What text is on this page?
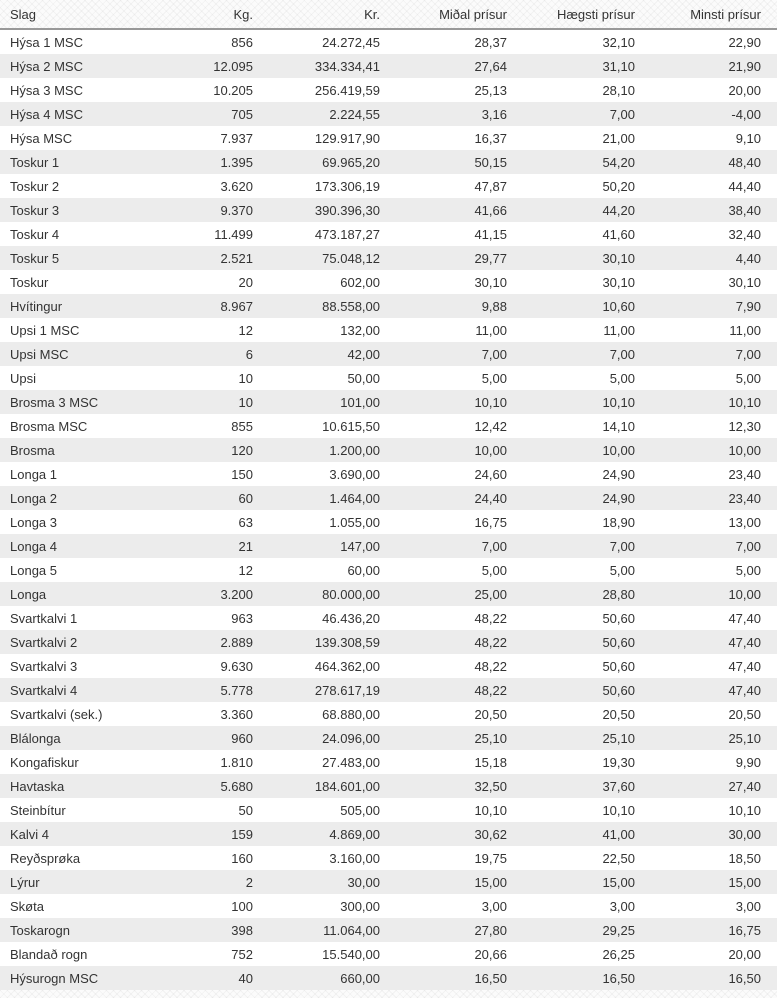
Slag	Kg.	Kr.	Miðal prísur	Hægsti prísur	Minsti prísur
Hýsa 1 MSC	856	24.272,45	28,37	32,10	22,90
Hýsa 2 MSC	12.095	334.334,41	27,64	31,10	21,90
Hýsa 3 MSC	10.205	256.419,59	25,13	28,10	20,00
Hýsa 4 MSC	705	2.224,55	3,16	7,00	-4,00
Hýsa MSC	7.937	129.917,90	16,37	21,00	9,10
Toskur 1	1.395	69.965,20	50,15	54,20	48,40
Toskur 2	3.620	173.306,19	47,87	50,20	44,40
Toskur 3	9.370	390.396,30	41,66	44,20	38,40
Toskur 4	11.499	473.187,27	41,15	41,60	32,40
Toskur 5	2.521	75.048,12	29,77	30,10	4,40
Toskur	20	602,00	30,10	30,10	30,10
Hvítingur	8.967	88.558,00	9,88	10,60	7,90
Upsi 1 MSC	12	132,00	11,00	11,00	11,00
Upsi MSC	6	42,00	7,00	7,00	7,00
Upsi	10	50,00	5,00	5,00	5,00
Brosma 3 MSC	10	101,00	10,10	10,10	10,10
Brosma MSC	855	10.615,50	12,42	14,10	12,30
Brosma	120	1.200,00	10,00	10,00	10,00
Longa 1	150	3.690,00	24,60	24,90	23,40
Longa 2	60	1.464,00	24,40	24,90	23,40
Longa 3	63	1.055,00	16,75	18,90	13,00
Longa 4	21	147,00	7,00	7,00	7,00
Longa 5	12	60,00	5,00	5,00	5,00
Longa	3.200	80.000,00	25,00	28,80	10,00
Svartkalvi 1	963	46.436,20	48,22	50,60	47,40
Svartkalvi 2	2.889	139.308,59	48,22	50,60	47,40
Svartkalvi 3	9.630	464.362,00	48,22	50,60	47,40
Svartkalvi 4	5.778	278.617,19	48,22	50,60	47,40
Svartkalvi (sek.)	3.360	68.880,00	20,50	20,50	20,50
Blálonga	960	24.096,00	25,10	25,10	25,10
Kongafiskur	1.810	27.483,00	15,18	19,30	9,90
Havtaska	5.680	184.601,00	32,50	37,60	27,40
Steinbítur	50	505,00	10,10	10,10	10,10
Kalvi 4	159	4.869,00	30,62	41,00	30,00
Reyðsprøka	160	3.160,00	19,75	22,50	18,50
Lýrur	2	30,00	15,00	15,00	15,00
Skøta	100	300,00	3,00	3,00	3,00
Toskarogn	398	11.064,00	27,80	29,25	16,75
Blandað rogn	752	15.540,00	20,66	26,25	20,00
Hýsurogn MSC	40	660,00	16,50	16,50	16,50
